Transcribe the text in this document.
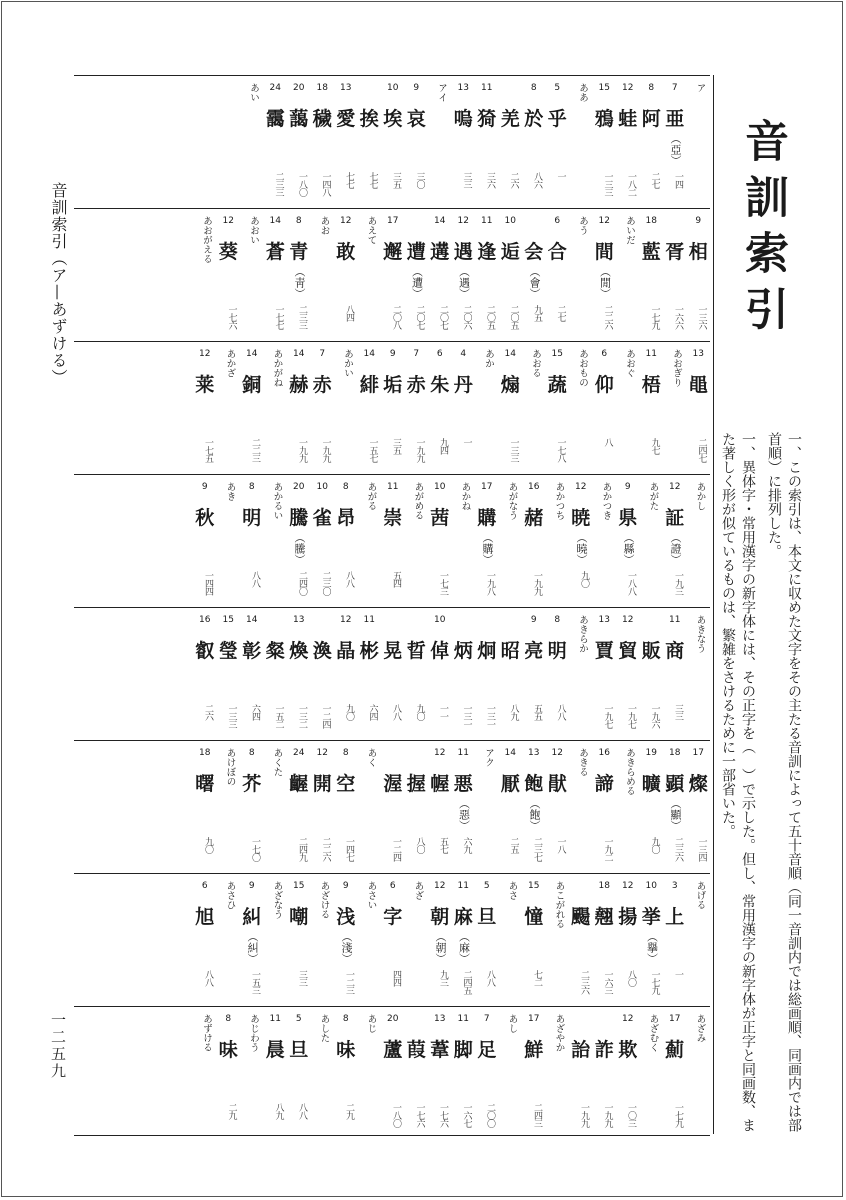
音訓索引（ア—あずける）
一二五九
ア
7
亜
（亞）
一四
8
阿
二七
12
蛙
一八二
15
鴉
一三三
ああ
5
乎
一
8
於
八六
羌
二六
11
猗
三六
13
嗚
三三
アイ
9
哀
三〇
10
埃
三五
挨
七七
13
愛
七七
18
穢
一四八
20
藹
一八〇
24
靄
二三三
あい
9
相
一三六
胥
一六六
18
藍
一七九
あいだ
12
間
（閒）
二二六
あう
6
合
二七
会
（會）
九五
10
逅
二〇五
11
逢
二〇五
12
遇
（遇）
二〇六
14
遘
二〇七
遭
（遭）
二〇七
17
邂
二〇八
あえて
12
敢
八四
あお
8
青
（靑）
二三三
14
蒼
一七七
あおい
12
葵
一七六
あおがえる
13
黽
二四七
あおぎり
11
梧
九七
あおぐ
6
仰
八
あおもの
15
蔬
一七八
あおる
14
煽
一三三
あか
4
丹
一
6
朱
九四
7
赤
一九九
9
垢
三五
14
緋
一五七
あかい
7
赤
一九九
14
赫
一九九
あかがね
14
銅
二二三
あかざ
12
莱
一七五
あかし
12
証
（證）
一九三
あがた
9
県
（縣）
一八八
あかつき
12
暁
（曉）
九〇
あかつち
16
赭
一九九
あがなう
17
購
（購）
一九八
あかね
10
茜
一七三
あがめる
11
崇
五四
あがる
8
昂
八八
10
雀
二三〇
20
騰
（騰）
二四〇
あかるい
8
明
八八
あき
9
秋
一四四
あきなう
11
商
三三
販
一九六
12
貿
一九七
13
賈
一九七
あきらか
8
明
八八
9
亮
五五
昭
八九
炯
一三一
炳
一三一
10
倬
一一
晢
九〇
晃
八八
11
彬
六四
12
晶
九〇
渙
一二四
13
煥
一三二
粲
一五二
14
彰
六四
15
瑩
一三三
16
叡
二六
17
燦
一三四
18
顕
（顯）
二三六
19
曠
九〇
あきらめる
16
諦
一九二
あきる
12
猒
一八
13
飽
（飽）
二三七
14
厭
二五
アク
11
悪
（惡）
六九
12
幄
五七
握
八〇
渥
一二四
あく
8
空
一四七
12
開
二二六
24
齷
二四九
あくた
8
芥
一七〇
あけぼの
18
曙
九〇
あげる
3
上
一
10
挙
（擧）
一七九
12
揚
八〇
18
翹
一六三
颺
二三六
あこがれる
15
憧
七二
あさ
5
旦
八八
11
麻
（麻）
二四五
12
朝
（朝）
九三
あざ
6
字
四四
あさい
9
浅
（淺）
一二三
あざける
15
嘲
三三
あざなう
9
糾
（糾）
一五三
あさひ
6
旭
八八
あざみ
17
薊
一七九
あざむく
12
欺
一〇三
詐
一九九
詒
一九九
あざやか
17
鮮
二四三
あし
7
足
二〇〇
11
脚
一六七
13
葦
一七六
葭
一七六
20
蘆
一八〇
あじ
8
味
二九
あした
5
旦
八八
11
晨
八九
あじわう
8
味
二九
あずける
音訓索引

一、この索引は、本文に収めた文字をその主たる音訓によって五十音順（同一音訓内では総画順、同画内では部首順）に排列した。

一、異体字・常用漢字の新字体には、その正字を（　）で示した。但し、常用漢字の新字体が正字と同画数、また著しく形が似ているものは、繁雑をさけるために一部省いた。
